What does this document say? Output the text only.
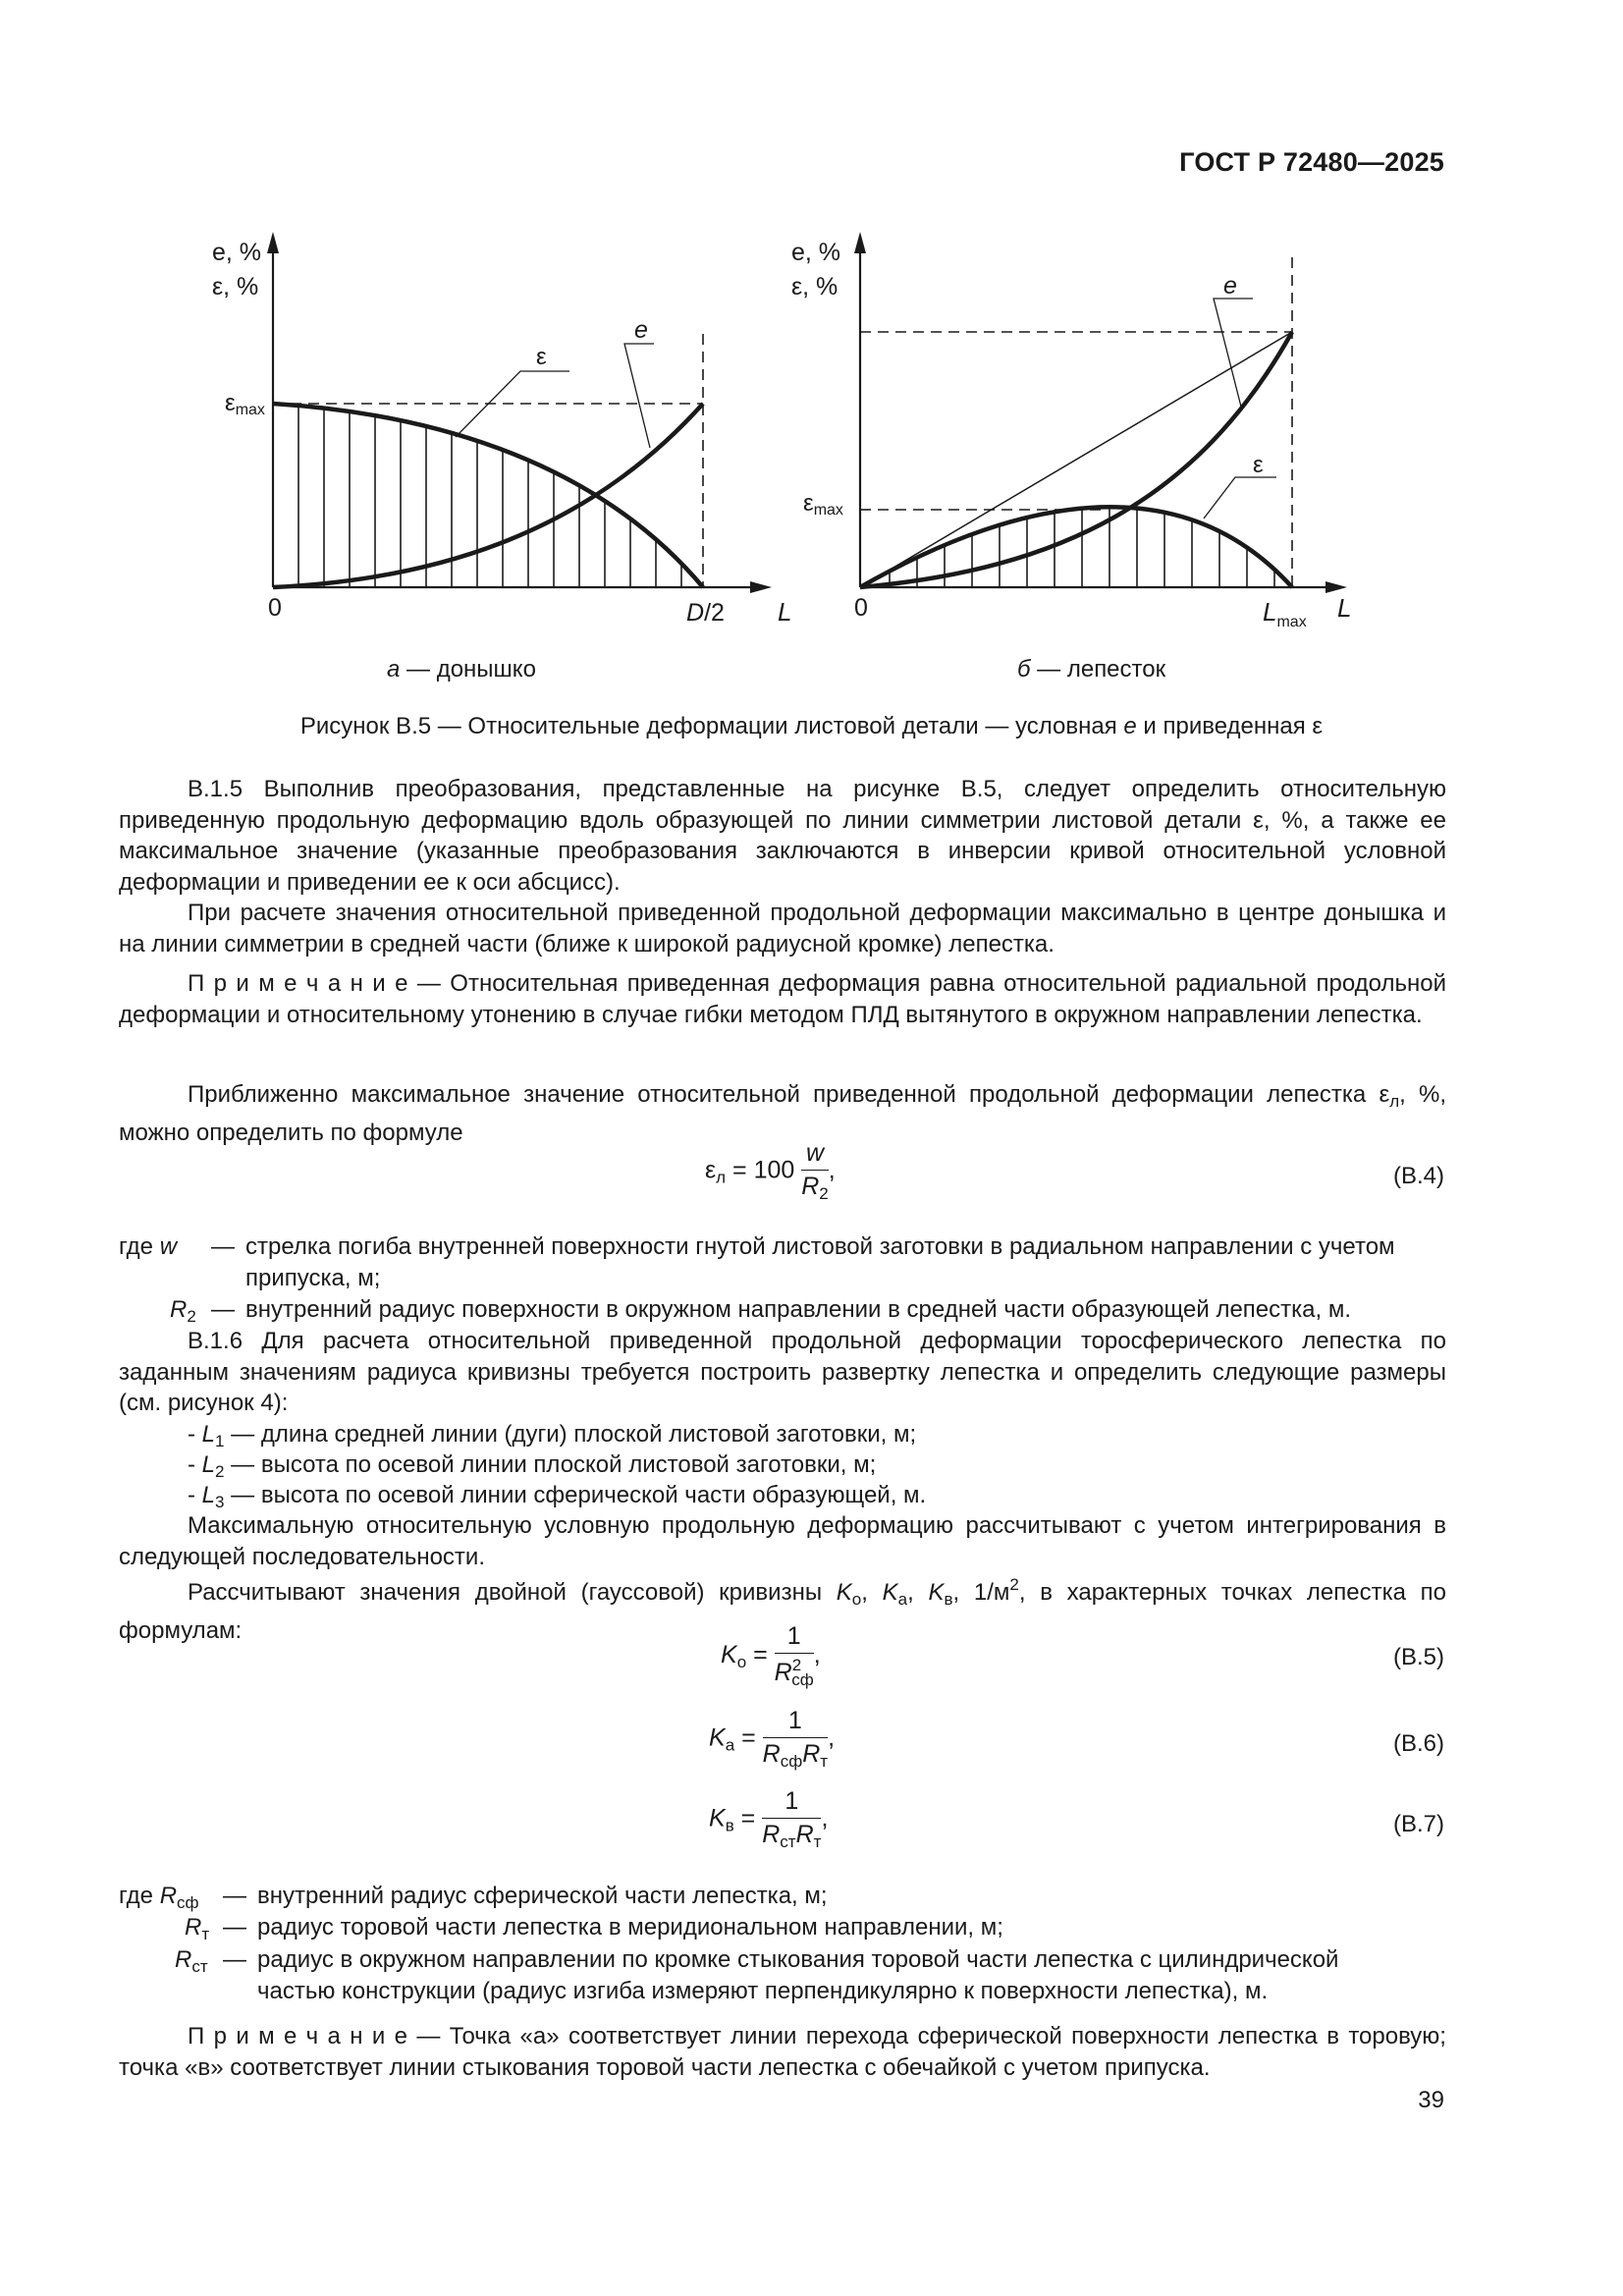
ГОСТ Р 72480—2025
e, %
ε, %
εmax
ε
e
0	D/2 L
e, %
ε, %
εmax
e
ε
0	$L_{max}$ L
а — донышко	б — лепесток
Рисунок В.5 — Относительные деформации листовой детали — условная e и приведенная ε

В.1.5 Выполнив преобразования, представленные на рисунке В.5, следует определить относительную приведенную продольную деформацию вдоль образующей по линии симметрии листовой детали ε, %, а также ее максимальное значение (указанные преобразования заключаются в инверсии кривой относительной условной деформации и приведении ее к оси абсцисс).

При расчете значения относительной приведенной продольной деформации максимально в центре донышка и на линии симметрии в средней части (ближе к широкой радиусной кромке) лепестка.

П р и м е ч а н и е — Относительная приведенная деформация равна относительной радиальной продольной деформации и относительному утонению в случае гибки методом ПЛД вытянутого в окружном направлении лепестка.

Приближенно максимальное значение относительной приведенной продольной деформации лепестка $\varepsilon_л$, %, можно определить по формуле

$\varepsilon_л = 100 \frac{w}{R_2}$ ,	(В.4)
где w — стрелка погиба внутренней поверхности гнутой листовой заготовки в радиальном направлении с учетом
припуска, м;
$R_2$ — внутренний радиус поверхности в окружном направлении в средней части образующей лепестка, м.

В.1.6 Для расчета относительной приведенной продольной деформации торосферического лепестка по заданным значениям радиуса кривизны требуется построить развертку лепестка и определить следующие размеры (см. рисунок 4):

- $L_1$ — длина средней линии (дуги) плоской листовой заготовки, м;
- $L_2$ — высота по осевой линии плоской листовой заготовки, м;
- $L_3$ — высота по осевой линии сферической части образующей, м.

Максимальную относительную условную продольную деформацию рассчитывают с учетом интегрирования в следующей последовательности.

Рассчитывают значения двойной (гауссовой) кривизны $K_о$, $K_а$, $K_в$, $1/м^2$, в характерных точках лепестка по формулам:

$K_о = \frac{1}{R^2_{сф}}$ ,	(В.5)
$K_а = \frac{1}{R_{сф}R_т}$ ,	(В.6)
$K_в = \frac{1}{R_{ст}R_т}$ ,	(В.7)
где $R_{сф}$ — внутренний радиус сферической части лепестка, м;
$R_т$ — радиус торовой части лепестка в меридиональном направлении, м;
$R_{ст}$ — радиус в окружном направлении по кромке стыкования торовой части лепестка с цилиндрической
частью конструкции (радиус изгиба измеряют перпендикулярно к поверхности лепестка), м.

П р и м е ч а н и е — Точка «а» соответствует линии перехода сферической поверхности лепестка в торовую; точка «в» соответствует линии стыкования торовой части лепестка с обечайкой с учетом припуска.

39
